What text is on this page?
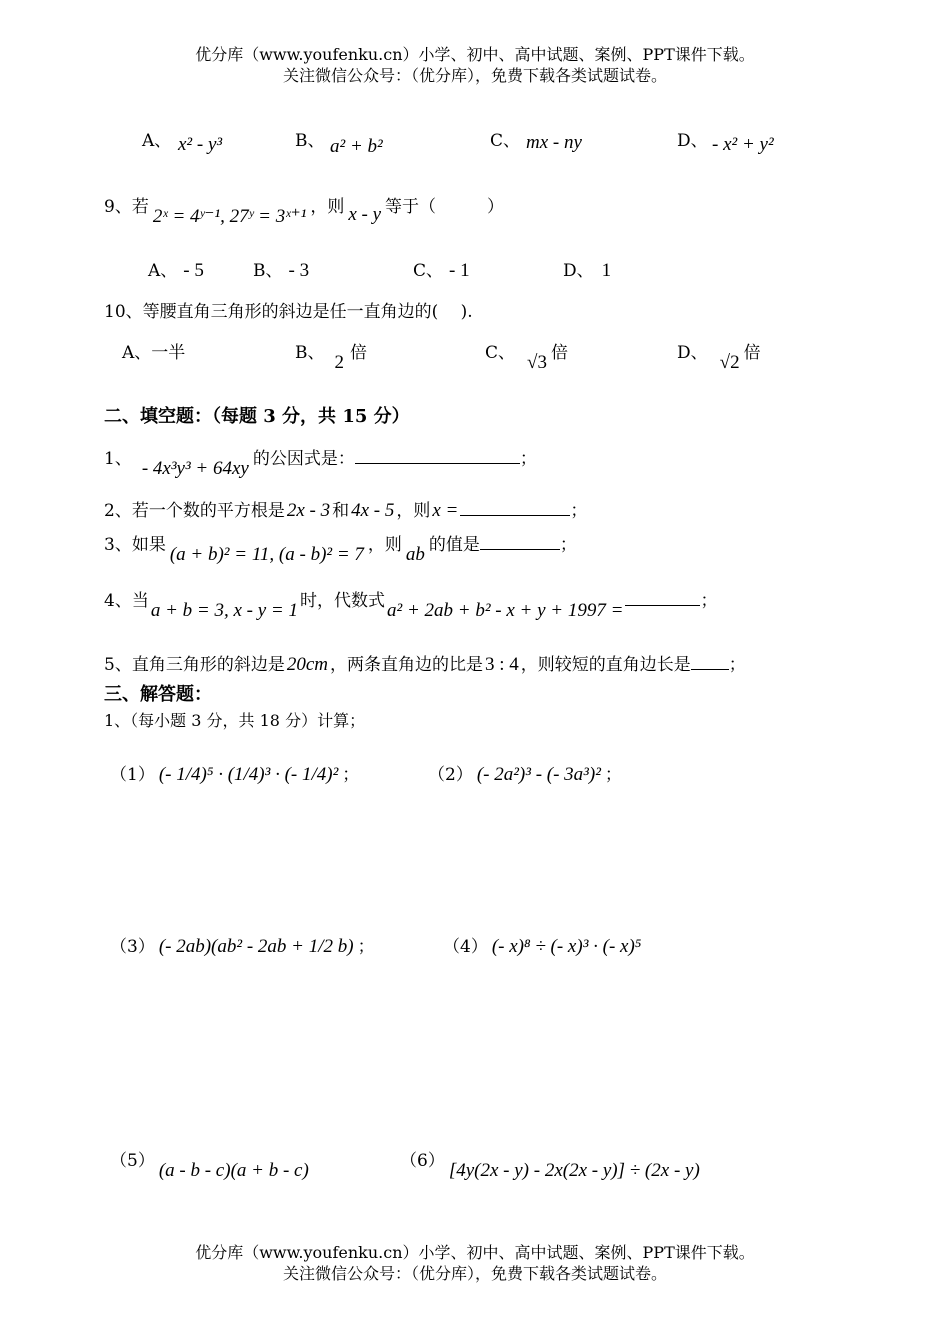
优分库（www.youfenku.cn）小学、初中、高中试题、案例、PPT课件下载。
关注微信公众号：（优分库），免费下载各类试题试卷。
A、 x² - y³	B、 a² + b²	C、 mx - ny	D、 - x² + y²
9、若 2ˣ = 4ʸ⁻¹, 27ʸ = 3ˣ⁺¹ ，则 x - y 等于（　　　）
A、 - 5	B、 - 3	C、 - 1	D、 1
10、等腰直角三角形的斜边是任一直角边的(　 ).
A、一半	B、 2 倍	C、 √3 倍	D、 √2 倍
二、填空题：（每题 3 分，共 15 分）
1、 - 4x³y³ + 64xy 的公因式是：	；
2、若一个数的平方根是 2x - 3 和 4x - 5 ，则 x =	；
3、如果 (a + b)² = 11, (a - b)² = 7 ，则 ab 的值是	；
4、当 a + b = 3, x - y = 1 时，代数式 a² + 2ab + b² - x + y + 1997 =	；
5、直角三角形的斜边是 20cm ，两条直角边的比是 3 : 4 ，则较短的直角边长是 ；
三、解答题：
1、（每小题 3 分，共 18 分）计算；
（1） (- 1/4)⁵ · (1/4)³ · (- 1/4)² ；	（2） (- 2a²)³ - (- 3a³)² ；
（3） (- 2ab)(ab² - 2ab + 1/2 b) ；	（4） (- x)⁸ ÷ (- x)³ · (- x)⁵
（5） (a - b - c)(a + b - c)	（6） [4y(2x - y) - 2x(2x - y)] ÷ (2x - y)
优分库（www.youfenku.cn）小学、初中、高中试题、案例、PPT课件下载。
关注微信公众号：（优分库），免费下载各类试题试卷。
